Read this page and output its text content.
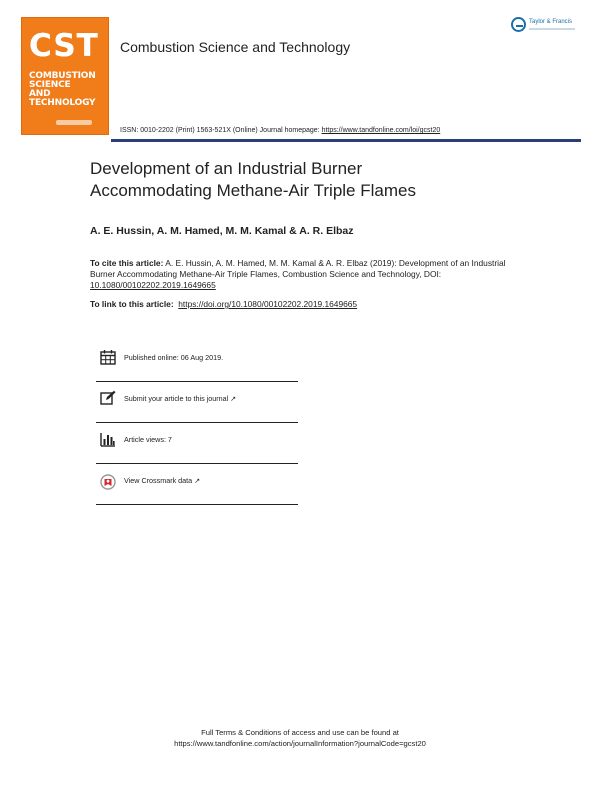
CST
COMBUSTION
SCIENCE
AND
TECHNOLOGY
Combustion Science and Technology
Taylor & Francis
ISSN: 0010-2202 (Print) 1563-521X (Online) Journal homepage: https://www.tandfonline.com/loi/gcst20
Development of an Industrial Burner
Accommodating Methane-Air Triple Flames
A. E. Hussin, A. M. Hamed, M. M. Kamal & A. R. Elbaz
To cite this article: A. E. Hussin, A. M. Hamed, M. M. Kamal & A. R. Elbaz (2019): Development of an Industrial Burner Accommodating Methane-Air Triple Flames, Combustion Science and Technology, DOI: 10.1080/00102202.2019.1649665
To link to this article: https://doi.org/10.1080/00102202.2019.1649665
Published online: 06 Aug 2019.
Submit your article to this journal ↗
Article views: 7
View Crossmark data ↗
Full Terms & Conditions of access and use can be found at
https://www.tandfonline.com/action/journalInformation?journalCode=gcst20
